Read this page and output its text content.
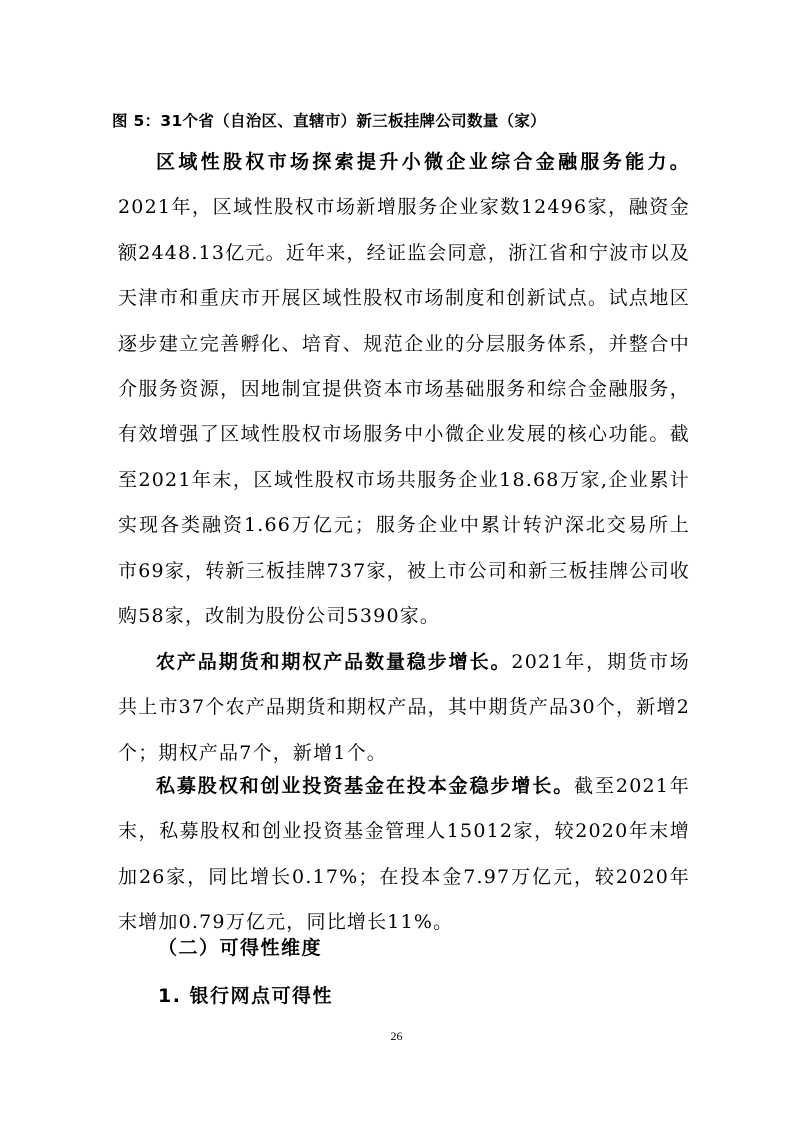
图 5：31个省（自治区、直辖市）新三板挂牌公司数量（家）

区域性股权市场探索提升小微企业综合金融服务能力。2021年，区域性股权市场新增服务企业家数12496家，融资金额2448.13亿元。近年来，经证监会同意，浙江省和宁波市以及天津市和重庆市开展区域性股权市场制度和创新试点。试点地区逐步建立完善孵化、培育、规范企业的分层服务体系，并整合中介服务资源，因地制宜提供资本市场基础服务和综合金融服务，有效增强了区域性股权市场服务中小微企业发展的核心功能。截至2021年末，区域性股权市场共服务企业18.68万家,企业累计实现各类融资1.66万亿元；服务企业中累计转沪深北交易所上市69家，转新三板挂牌737家，被上市公司和新三板挂牌公司收购58家，改制为股份公司5390家。

农产品期货和期权产品数量稳步增长。2021年，期货市场共上市37个农产品期货和期权产品，其中期货产品30个，新增2个；期权产品7个，新增1个。

私募股权和创业投资基金在投本金稳步增长。截至2021年末，私募股权和创业投资基金管理人15012家，较2020年末增加26家，同比增长0.17%；在投本金7.97万亿元，较2020年末增加0.79万亿元，同比增长11%。

（二）可得性维度
1. 银行网点可得性
26
